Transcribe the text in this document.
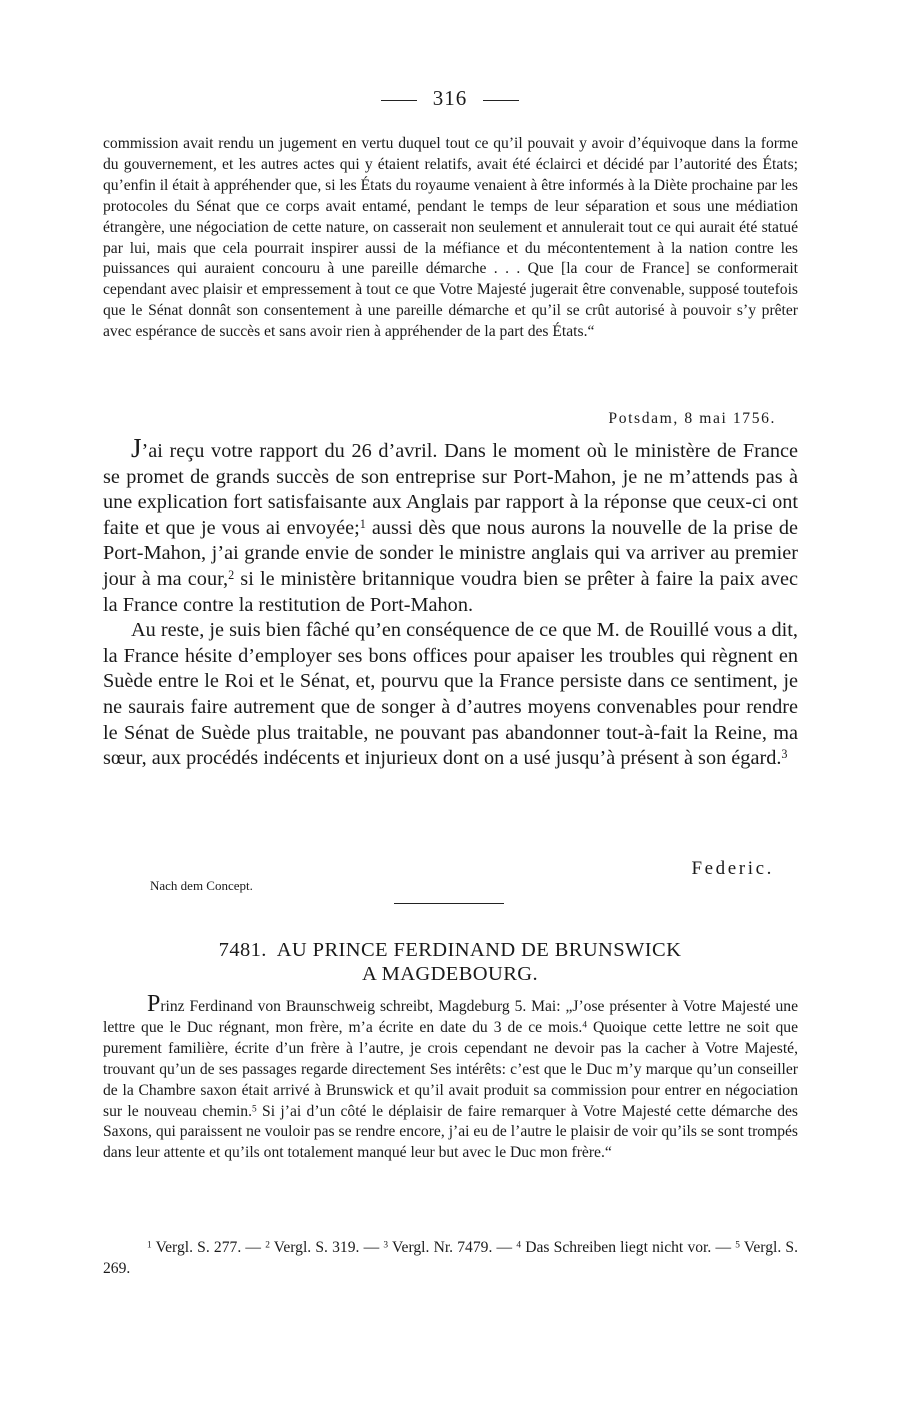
316

commission avait rendu un jugement en vertu duquel tout ce qu’il pouvait y avoir d’équivoque dans la forme du gouvernement, et les autres actes qui y étaient relatifs, avait été éclairci et décidé par l’autorité des États; qu’enfin il était à appréhender que, si les États du royaume venaient à être informés à la Diète prochaine par les protocoles du Sénat que ce corps avait entamé, pendant le temps de leur séparation et sous une médiation étrangère, une négociation de cette nature, on casserait non seulement et annulerait tout ce qui aurait été statué par lui, mais que cela pourrait inspirer aussi de la méfiance et du mécontentement à la nation contre les puissances qui auraient concouru à une pareille démarche . . . Que [la cour de France] se conformerait cependant avec plaisir et empressement à tout ce que Votre Majesté jugerait être convenable, supposé toutefois que le Sénat donnât son consentement à une pareille démarche et qu’il se crût autorisé à pouvoir s’y prêter avec espérance de succès et sans avoir rien à appréhender de la part des États.“

Potsdam, 8 mai 1756.

J’ai reçu votre rapport du 26 d’avril. Dans le moment où le ministère de France se promet de grands succès de son entreprise sur Port-Mahon, je ne m’attends pas à une explication fort satisfaisante aux Anglais par rapport à la réponse que ceux-ci ont faite et que je vous ai envoyée;$^1$ aussi dès que nous aurons la nouvelle de la prise de Port-Mahon, j’ai grande envie de sonder le ministre anglais qui va arriver au premier jour à ma cour,$^2$ si le ministère britannique voudra bien se prêter à faire la paix avec la France contre la restitution de Port-Mahon.

Au reste, je suis bien fâché qu’en conséquence de ce que M. de Rouillé vous a dit, la France hésite d’employer ses bons offices pour apaiser les troubles qui règnent en Suède entre le Roi et le Sénat, et, pourvu que la France persiste dans ce sentiment, je ne saurais faire autrement que de songer à d’autres moyens convenables pour rendre le Sénat de Suède plus traitable, ne pouvant pas abandonner tout-à-fait la Reine, ma sœur, aux procédés indécents et injurieux dont on a usé jusqu’à présent à son égard.$^3$

Federic.
Nach dem Concept.
7481. AU PRINCE FERDINAND DE BRUNSWICK
A MAGDEBOURG.

Prinz Ferdinand von Braunschweig schreibt, Magdeburg 5. Mai: „J’ose présenter à Votre Majesté une lettre que le Duc régnant, mon frère, m’a écrite en date du 3 de ce mois.$^4$ Quoique cette lettre ne soit que purement familière, écrite d’un frère à l’autre, je crois cependant ne devoir pas la cacher à Votre Majesté, trouvant qu’un de ses passages regarde directement Ses intérêts: c’est que le Duc m’y marque qu’un conseiller de la Chambre saxon était arrivé à Brunswick et qu’il avait produit sa commission pour entrer en négociation sur le nouveau chemin.$^5$ Si j’ai d’un côté le déplaisir de faire remarquer à Votre Majesté cette démarche des Saxons, qui paraissent ne vouloir pas se rendre encore, j’ai eu de l’autre le plaisir de voir qu’ils se sont trompés dans leur attente et qu’ils ont totalement manqué leur but avec le Duc mon frère.“

$^1$ Vergl. S. 277. — $^2$ Vergl. S. 319. — $^3$ Vergl. Nr. 7479. — $^4$ Das Schreiben liegt nicht vor. — $^5$ Vergl. S. 269.
